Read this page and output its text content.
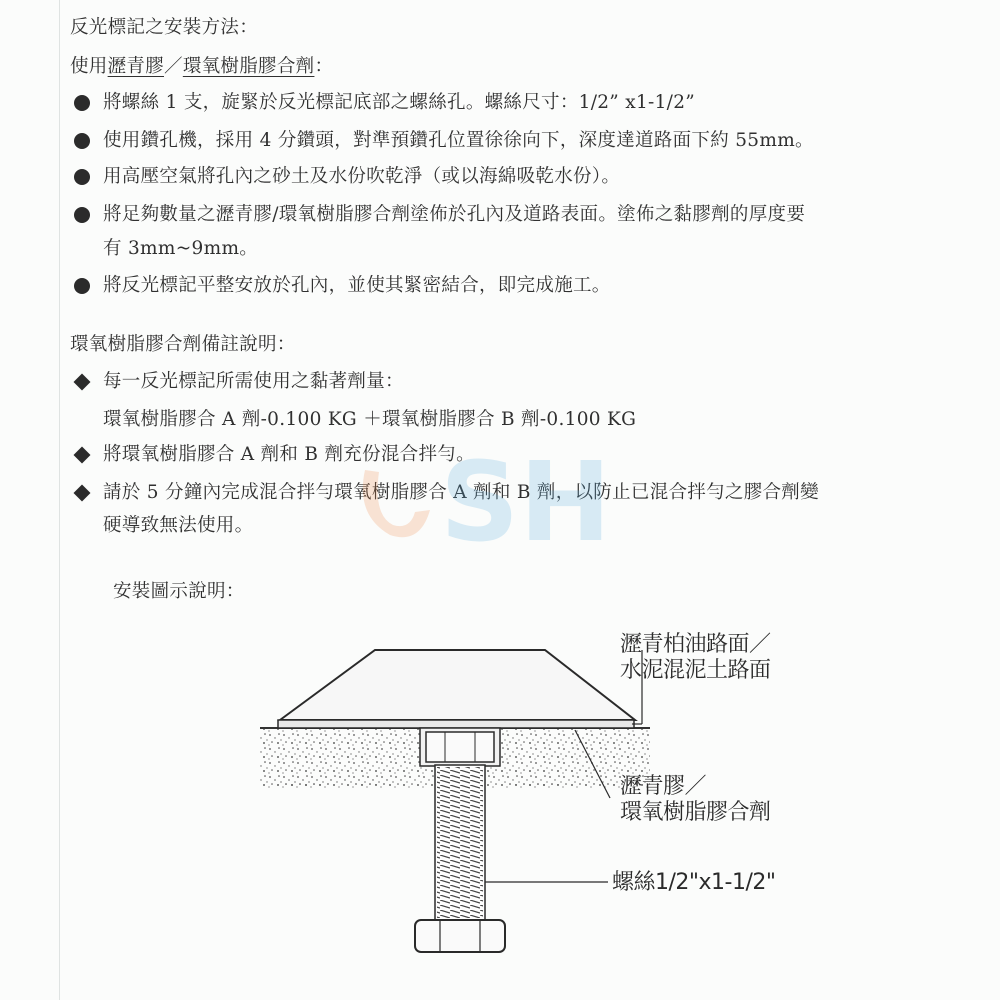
反光標記之安裝方法：
使用瀝青膠／環氧樹脂膠合劑：
將螺絲 1 支，旋緊於反光標記底部之螺絲孔。螺絲尺寸：1/2” x1-1/2”
使用鑽孔機，採用 4 分鑽頭，對準預鑽孔位置徐徐向下，深度達道路面下約 55mm。
用高壓空氣將孔內之砂土及水份吹乾淨（或以海綿吸乾水份）。
將足夠數量之瀝青膠/環氧樹脂膠合劑塗佈於孔內及道路表面。塗佈之黏膠劑的厚度要
有 3mm~9mm。
將反光標記平整安放於孔內，並使其緊密結合，即完成施工。
環氧樹脂膠合劑備註說明：
每一反光標記所需使用之黏著劑量：
環氧樹脂膠合 A 劑-0.100 KG ＋環氧樹脂膠合 B 劑-0.100 KG
將環氧樹脂膠合 A 劑和 B 劑充份混合拌勻。
請於 5 分鐘內完成混合拌勻環氧樹脂膠合 A 劑和 B 劑，以防止已混合拌勻之膠合劑變
硬導致無法使用。
安裝圖示說明：
SH
瀝青柏油路面／
水泥混泥土路面
瀝青膠／
環氧樹脂膠合劑
螺絲1/2"x1-1/2"
